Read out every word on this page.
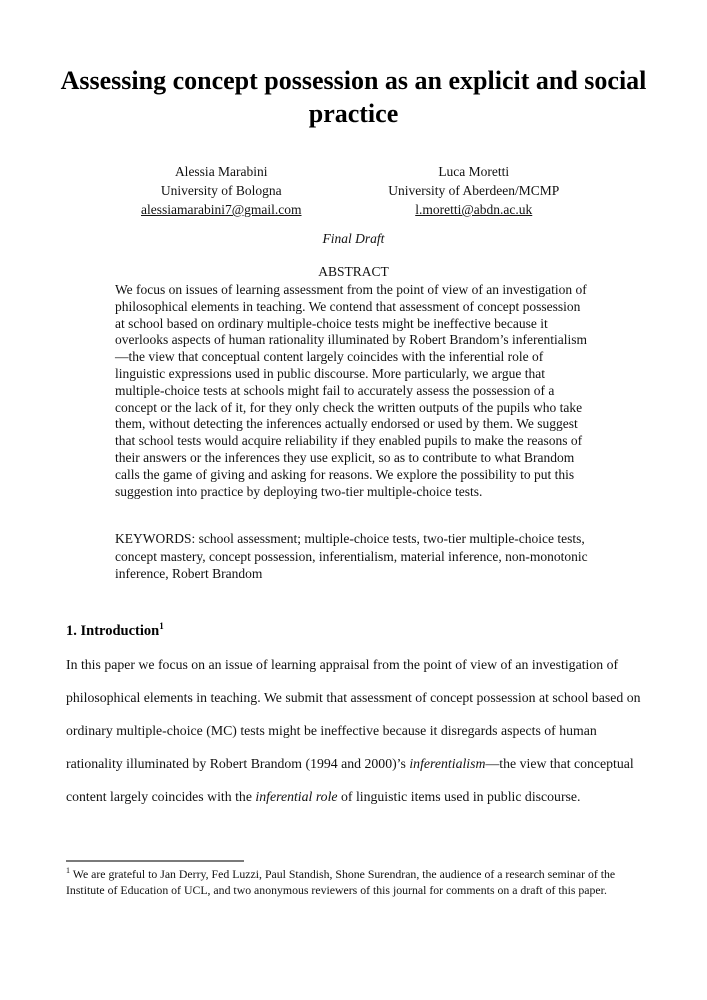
Assessing concept possession as an explicit and social practice
Alessia Marabini
University of Bologna
alessiamarabini7@gmail.com
Luca Moretti
University of Aberdeen/MCMP
l.moretti@abdn.ac.uk
Final Draft
ABSTRACT
We focus on issues of learning assessment from the point of view of an investigation of philosophical elements in teaching. We contend that assessment of concept possession at school based on ordinary multiple-choice tests might be ineffective because it overlooks aspects of human rationality illuminated by Robert Brandom’s inferentialism—the view that conceptual content largely coincides with the inferential role of linguistic expressions used in public discourse. More particularly, we argue that multiple-choice tests at schools might fail to accurately assess the possession of a concept or the lack of it, for they only check the written outputs of the pupils who take them, without detecting the inferences actually endorsed or used by them. We suggest that school tests would acquire reliability if they enabled pupils to make the reasons of their answers or the inferences they use explicit, so as to contribute to what Brandom calls the game of giving and asking for reasons. We explore the possibility to put this suggestion into practice by deploying two-tier multiple-choice tests.
KEYWORDS: school assessment; multiple-choice tests, two-tier multiple-choice tests, concept mastery, concept possession, inferentialism, material inference, non-monotonic inference, Robert Brandom
1. Introduction$^1$

In this paper we focus on an issue of learning appraisal from the point of view of an investigation of philosophical elements in teaching. We submit that assessment of concept possession at school based on ordinary multiple-choice (MC) tests might be ineffective because it disregards aspects of human rationality illuminated by Robert Brandom (1994 and 2000)’s inferentialism—the view that conceptual content largely coincides with the inferential role of linguistic items used in public discourse.

$^1$ We are grateful to Jan Derry, Fed Luzzi, Paul Standish, Shone Surendran, the audience of a research seminar of the Institute of Education of UCL, and two anonymous reviewers of this journal for comments on a draft of this paper.
